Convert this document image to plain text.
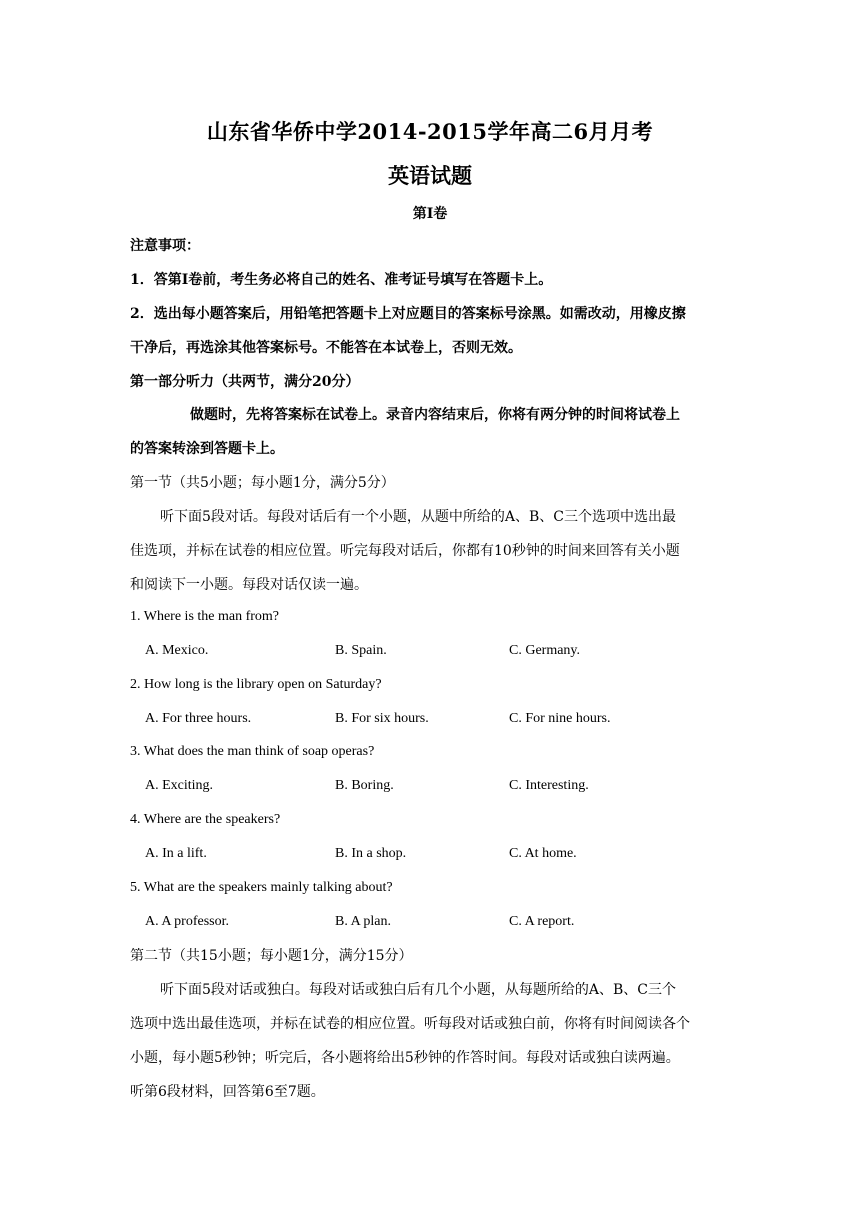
山东省华侨中学2014-2015学年高二6月月考
英语试题
第I卷
注意事项：
1．答第I卷前，考生务必将自己的姓名、准考证号填写在答题卡上。
2．选出每小题答案后，用铅笔把答题卡上对应题目的答案标号涂黑。如需改动，用橡皮擦
干净后，再选涂其他答案标号。不能答在本试卷上，否则无效。
第一部分听力（共两节，满分20分）
做题时，先将答案标在试卷上。录音内容结束后，你将有两分钟的时间将试卷上
的答案转涂到答题卡上。
第一节（共5小题；每小题1分，满分5分）
听下面5段对话。每段对话后有一个小题，从题中所给的A、B、C三个选项中选出最
佳选项，并标在试卷的相应位置。听完每段对话后，你都有10秒钟的时间来回答有关小题
和阅读下一小题。每段对话仅读一遍。
1. Where is the man from?
A. Mexico.	B. Spain.	C. Germany.
2. How long is the library open on Saturday?
A. For three hours.	B. For six hours.	C. For nine hours.
3. What does the man think of soap operas?
A. Exciting.	B. Boring.	C. Interesting.
4. Where are the speakers?
A. In a lift.	B. In a shop.	C. At home.
5. What are the speakers mainly talking about?
A. A professor.	B. A plan.	C. A report.
第二节（共15小题；每小题1分，满分15分）
听下面5段对话或独白。每段对话或独白后有几个小题，从每题所给的A、B、C三个
选项中选出最佳选项，并标在试卷的相应位置。听每段对话或独白前，你将有时间阅读各个
小题，每小题5秒钟；听完后，各小题将给出5秒钟的作答时间。每段对话或独白读两遍。
听第6段材料，回答第6至7题。
